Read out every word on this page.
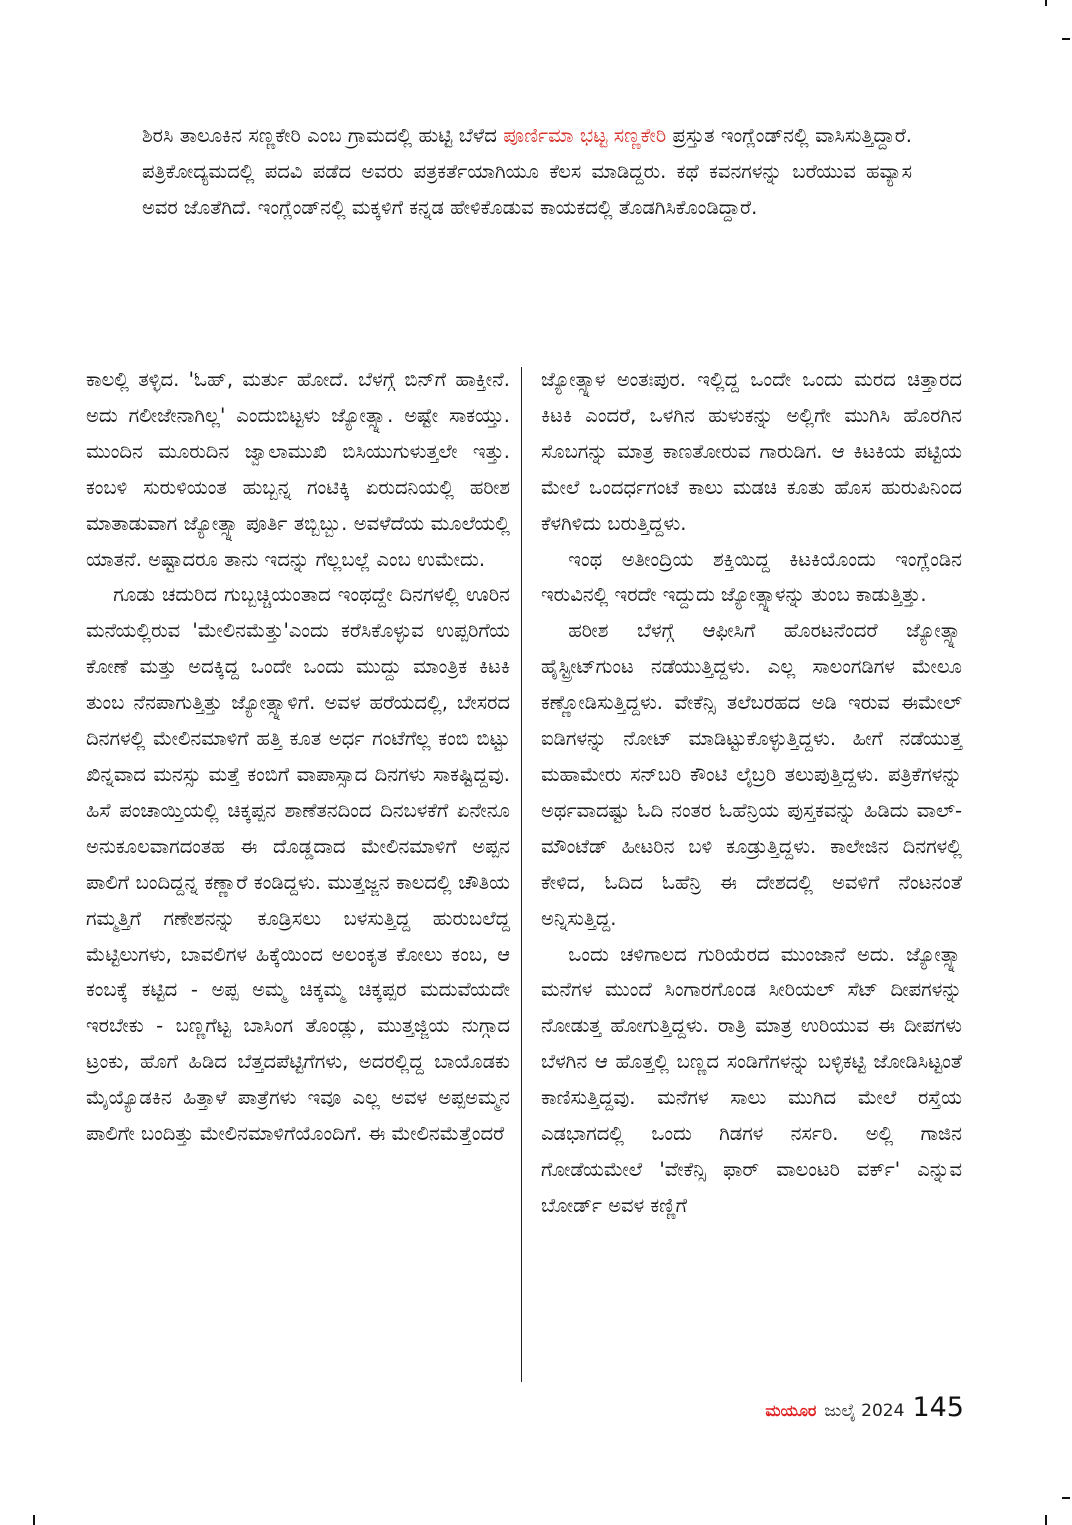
ಶಿರಸಿ ತಾಲೂಕಿನ ಸಣ್ಣಕೇರಿ ಎಂಬ ಗ್ರಾಮದಲ್ಲಿ ಹುಟ್ಟಿ ಬೆಳೆದ ಪೂರ್ಣಿಮಾ ಭಟ್ಟ ಸಣ್ಣಕೇರಿ ಪ್ರಸ್ತುತ ಇಂಗ್ಲೆಂಡ್‌ನಲ್ಲಿ ವಾಸಿಸುತ್ತಿದ್ದಾರೆ. ಪತ್ರಿಕೋದ್ಯಮದಲ್ಲಿ ಪದವಿ ಪಡೆದ ಅವರು ಪತ್ರಕರ್ತೆಯಾಗಿಯೂ ಕೆಲಸ ಮಾಡಿದ್ದರು. ಕಥೆ ಕವನಗಳನ್ನು ಬರೆಯುವ ಹವ್ಯಾಸ ಅವರ ಜೊತೆಗಿದೆ. ಇಂಗ್ಲೆಂಡ್‌ನಲ್ಲಿ ಮಕ್ಕಳಿಗೆ ಕನ್ನಡ ಹೇಳಿಕೊಡುವ ಕಾಯಕದಲ್ಲಿ ತೊಡಗಿಸಿಕೊಂಡಿದ್ದಾರೆ.

ಕಾಲಲ್ಲಿ ತಳ್ಳಿದ. 'ಓಹ್, ಮರ್ತು ಹೋದೆ. ಬೆಳಗ್ಗೆ ಬಿನ್‌ಗೆ ಹಾಕ್ತೀನೆ. ಅದು ಗಲೀಜೇನಾಗಿಲ್ಲ' ಎಂದುಬಿಟ್ಟಳು ಜ್ಯೋತ್ಸ್ನಾ. ಅಷ್ಟೇ ಸಾಕಯ್ತು. ಮುಂದಿನ ಮೂರುದಿನ ಜ್ವಾಲಾಮುಖಿ ಬಿಸಿಯುಗುಳುತ್ತಲೇ ಇತ್ತು. ಕಂಬಳಿ ಸುರುಳಿಯಂತ ಹುಬ್ಬನ್ನ ಗಂಟಿಕ್ಕಿ ಏರುದನಿಯಲ್ಲಿ ಹರೀಶ ಮಾತಾಡುವಾಗ ಜ್ಯೋತ್ಸ್ನಾ ಪೂರ್ತಿ ತಬ್ಬಿಬ್ಬು. ಅವಳೆದೆಯ ಮೂಲೆಯಲ್ಲಿ ಯಾತನೆ. ಅಷ್ಟಾದರೂ ತಾನು ಇದನ್ನು ಗೆಲ್ಲಬಲ್ಲೆ ಎಂಬ ಉಮೇದು.

ಗೂಡು ಚದುರಿದ ಗುಬ್ಬಚ್ಚಿಯಂತಾದ ಇಂಥದ್ದೇ ದಿನಗಳಲ್ಲಿ ಊರಿನ ಮನೆಯಲ್ಲಿರುವ 'ಮೇಲಿನಮೆತ್ತು'ಎಂದು ಕರೆಸಿಕೊಳ್ಳುವ ಉಪ್ಪರಿಗೆಯ ಕೋಣೆ ಮತ್ತು ಅದಕ್ಕಿದ್ದ ಒಂದೇ ಒಂದು ಮುದ್ದು ಮಾಂತ್ರಿಕ ಕಿಟಕಿ ತುಂಬ ನೆನಪಾಗುತ್ತಿತ್ತು ಜ್ಯೋತ್ಸ್ನಾಳಿಗೆ. ಅವಳ ಹರೆಯದಲ್ಲಿ, ಬೇಸರದ ದಿನಗಳಲ್ಲಿ ಮೇಲಿನಮಾಳಿಗೆ ಹತ್ತಿ ಕೂತ ಅರ್ಧ ಗಂಟೆಗೆಲ್ಲ ಕಂಬಿ ಬಿಟ್ಟು ಖಿನ್ನವಾದ ಮನಸ್ಸು ಮತ್ತೆ ಕಂಬಿಗೆ ವಾಪಾಸ್ಸಾದ ದಿನಗಳು ಸಾಕಷ್ಟಿದ್ದವು. ಹಿಸೆ ಪಂಚಾಯ್ತಿಯಲ್ಲಿ ಚಿಕ್ಕಪ್ಪನ ಶಾಣೆತನದಿಂದ ದಿನಬಳಕೆಗೆ ಏನೇನೂ ಅನುಕೂಲವಾಗದಂತಹ ಈ ದೊಡ್ಡದಾದ ಮೇಲಿನಮಾಳಿಗೆ ಅಪ್ಪನ ಪಾಲಿಗೆ ಬಂದಿದ್ದನ್ನ ಕಣ್ಣಾರೆ ಕಂಡಿದ್ದಳು. ಮುತ್ತಜ್ಜನ ಕಾಲದಲ್ಲಿ ಚೌತಿಯ ಗಮ್ಮತ್ತಿಗೆ ಗಣೇಶನನ್ನು ಕೂಡ್ರಿಸಲು ಬಳಸುತ್ತಿದ್ದ ಹುರುಬಲೆದ್ದ ಮೆಟ್ಟಿಲುಗಳು, ಬಾವಲಿಗಳ ಹಿಕ್ಕೆಯಿಂದ ಅಲಂಕೃತ ಕೋಲು ಕಂಬ, ಆ ಕಂಬಕ್ಕೆ ಕಟ್ಟಿದ - ಅಪ್ಪ ಅಮ್ಮ ಚಿಕ್ಕಮ್ಮ ಚಿಕ್ಕಪ್ಪರ ಮದುವೆಯದೇ ಇರಬೇಕು - ಬಣ್ಣಗೆಟ್ಟ ಬಾಸಿಂಗ ತೊಂಡ್ಲು, ಮುತ್ತಜ್ಜಿಯ ನುಗ್ಗಾದ ಟ್ರಂಕು, ಹೊಗೆ ಹಿಡಿದ ಬೆತ್ತದಪೆಟ್ಟಿಗೆಗಳು, ಅದರಲ್ಲಿದ್ದ ಬಾಯೊಡಕು ಮೈಯ್ಯೊಡಕಿನ ಹಿತ್ತಾಳೆ ಪಾತ್ರೆಗಳು ಇವೂ ಎಲ್ಲ ಅವಳ ಅಪ್ಪಅಮ್ಮನ ಪಾಲಿಗೇ ಬಂದಿತ್ತು ಮೇಲಿನಮಾಳಿಗೆಯೊಂದಿಗೆ. ಈ ಮೇಲಿನಮೆತ್ತೆಂದರೆ

ಜ್ಯೋತ್ಸ್ನಾಳ ಅಂತಃಪುರ. ಇಲ್ಲಿದ್ದ ಒಂದೇ ಒಂದು ಮರದ ಚಿತ್ತಾರದ ಕಿಟಕಿ ಎಂದರೆ, ಒಳಗಿನ ಹುಳುಕನ್ನು ಅಲ್ಲಿಗೇ ಮುಗಿಸಿ ಹೊರಗಿನ ಸೊಬಗನ್ನು ಮಾತ್ರ ಕಾಣತೋರುವ ಗಾರುಡಿಗ. ಆ ಕಿಟಕಿಯ ಪಟ್ಟಿಯ ಮೇಲೆ ಒಂದರ್ಧಗಂಟೆ ಕಾಲು ಮಡಚಿ ಕೂತು ಹೊಸ ಹುರುಪಿನಿಂದ ಕೆಳಗಿಳಿದು ಬರುತ್ತಿದ್ದಳು.

ಇಂಥ ಅತೀಂದ್ರಿಯ ಶಕ್ತಿಯಿದ್ದ ಕಿಟಕಿಯೊಂದು ಇಂಗ್ಲೆಂಡಿನ ಇರುವಿನಲ್ಲಿ ಇರದೇ ಇದ್ದುದು ಜ್ಯೋತ್ಸ್ನಾಳನ್ನು ತುಂಬ ಕಾಡುತ್ತಿತ್ತು.

ಹರೀಶ ಬೆಳಗ್ಗೆ ಆಫೀಸಿಗೆ ಹೊರಟನೆಂದರೆ ಜ್ಯೋತ್ಸ್ನಾ ಹೈಸ್ಟ್ರೀಟ್‌ಗುಂಟ ನಡೆಯುತ್ತಿದ್ದಳು. ಎಲ್ಲ ಸಾಲಂಗಡಿಗಳ ಮೇಲೂ ಕಣ್ಣೋಡಿಸುತ್ತಿದ್ದಳು. ವೇಕೆನ್ಸಿ ತಲೆಬರಹದ ಅಡಿ ಇರುವ ಈಮೇಲ್ ಐಡಿಗಳನ್ನು ನೋಟ್ ಮಾಡಿಟ್ಟುಕೊಳ್ಳುತ್ತಿದ್ದಳು. ಹೀಗೆ ನಡೆಯುತ್ತ ಮಹಾಮೇರು ಸನ್‌ಬರಿ ಕೌಂಟಿ ಲೈಬ್ರರಿ ತಲುಪುತ್ತಿದ್ದಳು. ಪತ್ರಿಕೆಗಳನ್ನು ಅರ್ಥವಾದಷ್ಟು ಓದಿ ನಂತರ ಓಹೆನ್ರಿಯ ಪುಸ್ತಕವನ್ನು ಹಿಡಿದು ವಾಲ್-ಮೌಂಟೆಡ್ ಹೀಟರಿನ ಬಳಿ ಕೂಡ್ರುತ್ತಿದ್ದಳು. ಕಾಲೇಜಿನ ದಿನಗಳಲ್ಲಿ ಕೇಳಿದ, ಓದಿದ ಓಹೆನ್ರಿ ಈ ದೇಶದಲ್ಲಿ ಅವಳಿಗೆ ನೆಂಟನಂತೆ ಅನ್ನಿಸುತ್ತಿದ್ದ.

ಒಂದು ಚಳಿಗಾಲದ ಗುರಿಯೆರದ ಮುಂಜಾನೆ ಅದು. ಜ್ಯೋತ್ಸ್ನಾ ಮನೆಗಳ ಮುಂದೆ ಸಿಂಗಾರಗೊಂಡ ಸೀರಿಯಲ್ ಸೆಟ್ ದೀಪಗಳನ್ನು ನೋಡುತ್ತ ಹೋಗುತ್ತಿದ್ದಳು. ರಾತ್ರಿ ಮಾತ್ರ ಉರಿಯುವ ಈ ದೀಪಗಳು ಬೆಳಗಿನ ಆ ಹೊತ್ತಲ್ಲಿ ಬಣ್ಣದ ಸಂಡಿಗೆಗಳನ್ನು ಬಳ್ಳಿಕಟ್ಟಿ ಜೋಡಿಸಿಟ್ಟಂತೆ ಕಾಣಿಸುತ್ತಿದ್ದವು. ಮನೆಗಳ ಸಾಲು ಮುಗಿದ ಮೇಲೆ ರಸ್ತೆಯ ಎಡಭಾಗದಲ್ಲಿ ಒಂದು ಗಿಡಗಳ ನರ್ಸರಿ. ಅಲ್ಲಿ ಗಾಜಿನ ಗೋಡೆಯಮೇಲೆ 'ವೇಕೆನ್ಸಿ ಫಾರ್ ವಾಲಂಟರಿ ವರ್ಕ್' ಎನ್ನುವ ಬೋರ್ಡ್ ಅವಳ ಕಣ್ಣಿಗೆ

ಮಯೂರ ಜುಲೈ 2024 145
